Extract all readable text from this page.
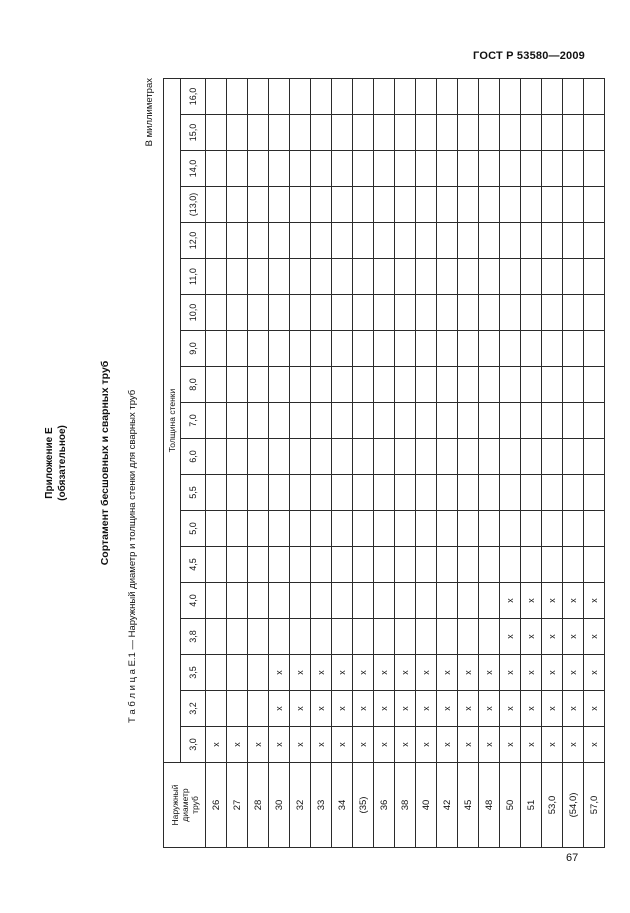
ГОСТ Р 53580—2009
Приложение Е (обязательное)	Сортамент бесшовных и сварных труб Т а б л и ц а Е.1 — Наружный диаметр и толщина стенки для сварных труб
В миллиметрах
Наружный диаметр труб	Толщина стенки																		
	3,0	3,2	3,5	3,8	4,0	4,5	5,0	5,5	6,0	7,0	8,0	9,0	10,0	11,0	12,0	(13,0)	14,0	15,0	16,0
26	х																		
27	х																		
28	х																		
30	х	х	х																
32	х	х	х																
33	х	х	х																
34	х	х	х																
(35)	х	х	х																
36	х	х	х																
38	х	х	х																
40	х	х	х																
42	х	х	х																
45	х	х	х																
48	х	х	х																
50	х	х	х	х	х														
51	х	х	х	х	х														
53,0	х	х	х	х	х														
(54,0)	х	х	х	х	х														
57,0	х	х	х	х	х														
67
